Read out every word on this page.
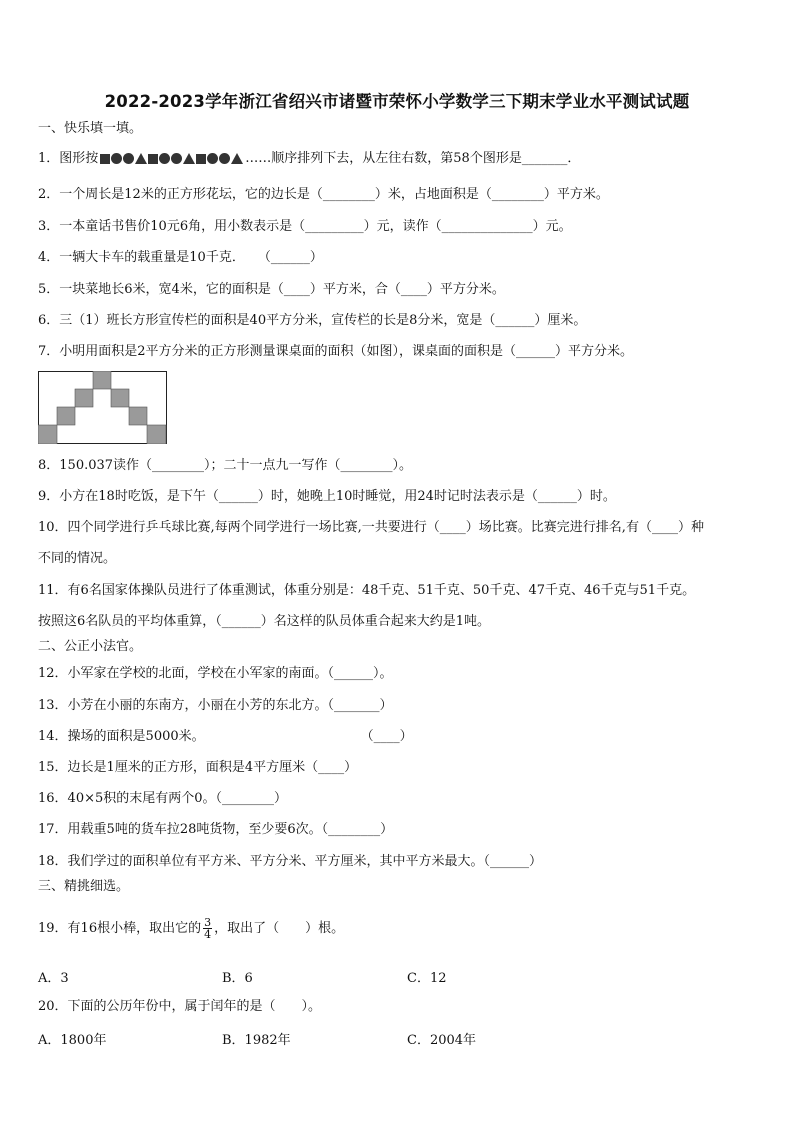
2022-2023学年浙江省绍兴市诸暨市荣怀小学数学三下期末学业水平测试试题
一、快乐填一填。
1．图形按	……顺序排列下去，从左往右数，第58个图形是_______．
2．一个周长是12米的正方形花坛，它的边长是（________）米，占地面积是（________）平方米。
3．一本童话书售价10元6角，用小数表示是（_________）元，读作（______________）元。
4．一辆大卡车的载重量是10千克．　　（______）
5．一块菜地长6米，宽4米，它的面积是（____）平方米，合（____）平方分米。
6．三（1）班长方形宣传栏的面积是40平方分米，宣传栏的长是8分米，宽是（______）厘米。
7．小明用面积是2平方分米的正方形测量课桌面的面积（如图），课桌面的面积是（______）平方分米。
8．150.037读作（________）；二十一点九一写作（________）。
9．小方在18时吃饭，是下午（______）时，她晚上10时睡觉，用24时记时法表示是（______）时。
10．四个同学进行乒乓球比赛,每两个同学进行一场比赛,一共要进行（____）场比赛。比赛完进行排名,有（____）种
不同的情况。
11．有6名国家体操队员进行了体重测试，体重分别是：48千克、51千克、50千克、47千克、46千克与51千克。
按照这6名队员的平均体重算，（______）名这样的队员体重合起来大约是1吨。
二、公正小法官。
12．小军家在学校的北面，学校在小军家的南面。（______）。
13．小芳在小丽的东南方，小丽在小芳的东北方。（_______）
14．操场的面积是5000米。　　　　　　　　　　　　　（____）
15．边长是1厘米的正方形，面积是4平方厘米（____）
16．40×5积的末尾有两个0。（________）
17．用载重5吨的货车拉28吨货物，至少要6次。（________）
18．我们学过的面积单位有平方米、平方分米、平方厘米，其中平方米最大。（______）
三、精挑细选。
19．有16根小棒，取出它的 $\frac{3}{4}$ ，取出了（　　）根。
A．3	B．6	C．12
20．下面的公历年份中，属于闰年的是（　　）。
A．1800年	B．1982年	C．2004年
